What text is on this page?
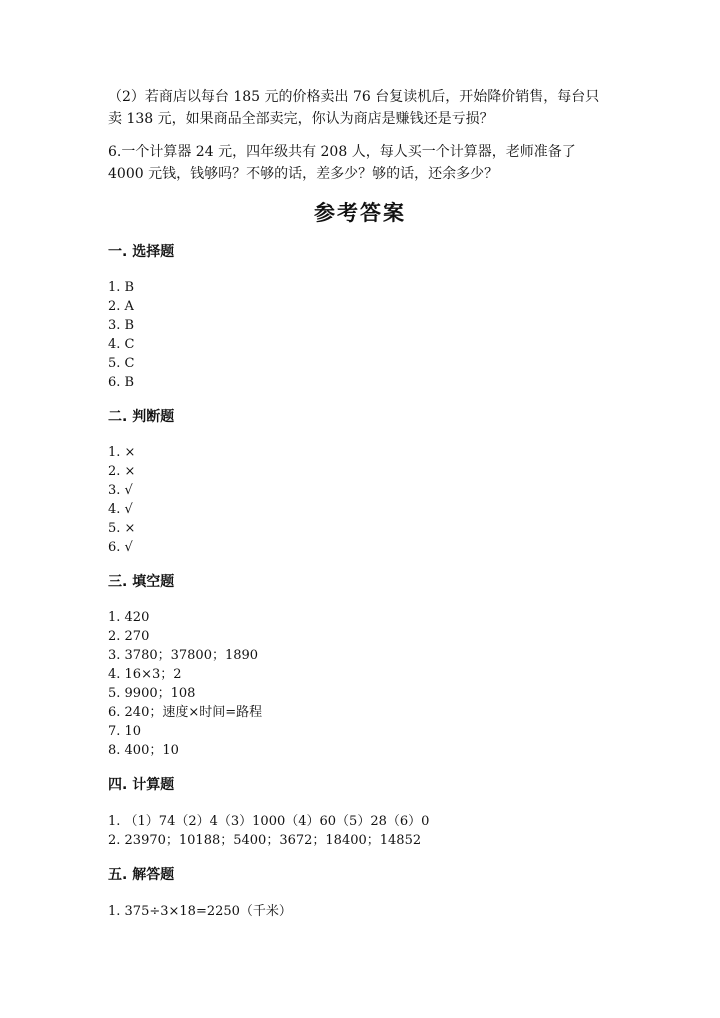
（2）若商店以每台 185 元的价格卖出 76 台复读机后，开始降价销售，每台只
卖 138 元，如果商品全部卖完，你认为商店是赚钱还是亏损？

6.一个计算器 24 元，四年级共有 208 人，每人买一个计算器，老师准备了
4000 元钱，钱够吗？不够的话，差多少？够的话，还余多少？

参考答案
一. 选择题
1. B
2. A
3. B
4. C
5. C
6. B
二. 判断题
1. ×
2. ×
3. √
4. √
5. ×
6. √
三. 填空题
1. 420
2. 270
3. 3780；37800；1890
4. 16×3；2
5. 9900；108
6. 240；速度×时间=路程
7. 10
8. 400；10
四. 计算题
1. （1）74（2）4（3）1000（4）60（5）28（6）0
2. 23970；10188；5400；3672；18400；14852
五. 解答题
1. 375÷3×18=2250（千米）
